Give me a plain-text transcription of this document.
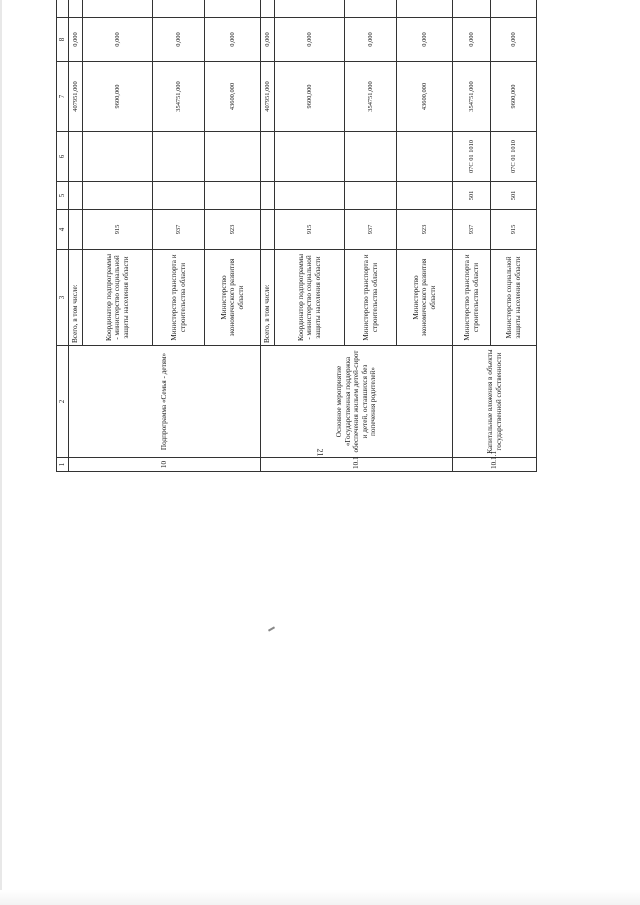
21
1	2	3	4	5	6	7	8						
10	Подпрограмма «Семья - детям»	Всего, в том числе:				407951,000	0,000						
		Координатор подпрограммы - министерство социальной защиты населения области	915			9600,000	0,000						
		Министерство транспорта и строительства области	937			354751,000	0,000						
		Министерство экономического развития области	923			43600,000	0,000						
10.1	Основное мероприятие «Государственная поддержка обеспечения жильем детей-сирот и детей, оставшихся без попечения родителей»	Всего, в том числе:				407951,000	0,000						
		Координатор подпрограммы - министерство социальной защиты населения области	915			9600,000	0,000						
		Министерство транспорта и строительства области	937			354751,000	0,000						
		Министерство экономического развития области	923			43600,000	0,000						
10.1.1	Капитальные вложения в объекты государственной собственности	Министерство транспорта и строительства области	937	501	07С 01 1010	354751,000	0,000						
		Министерство социальной защиты населения области	915	501	07С 01 1010	9600,000	0,000						
